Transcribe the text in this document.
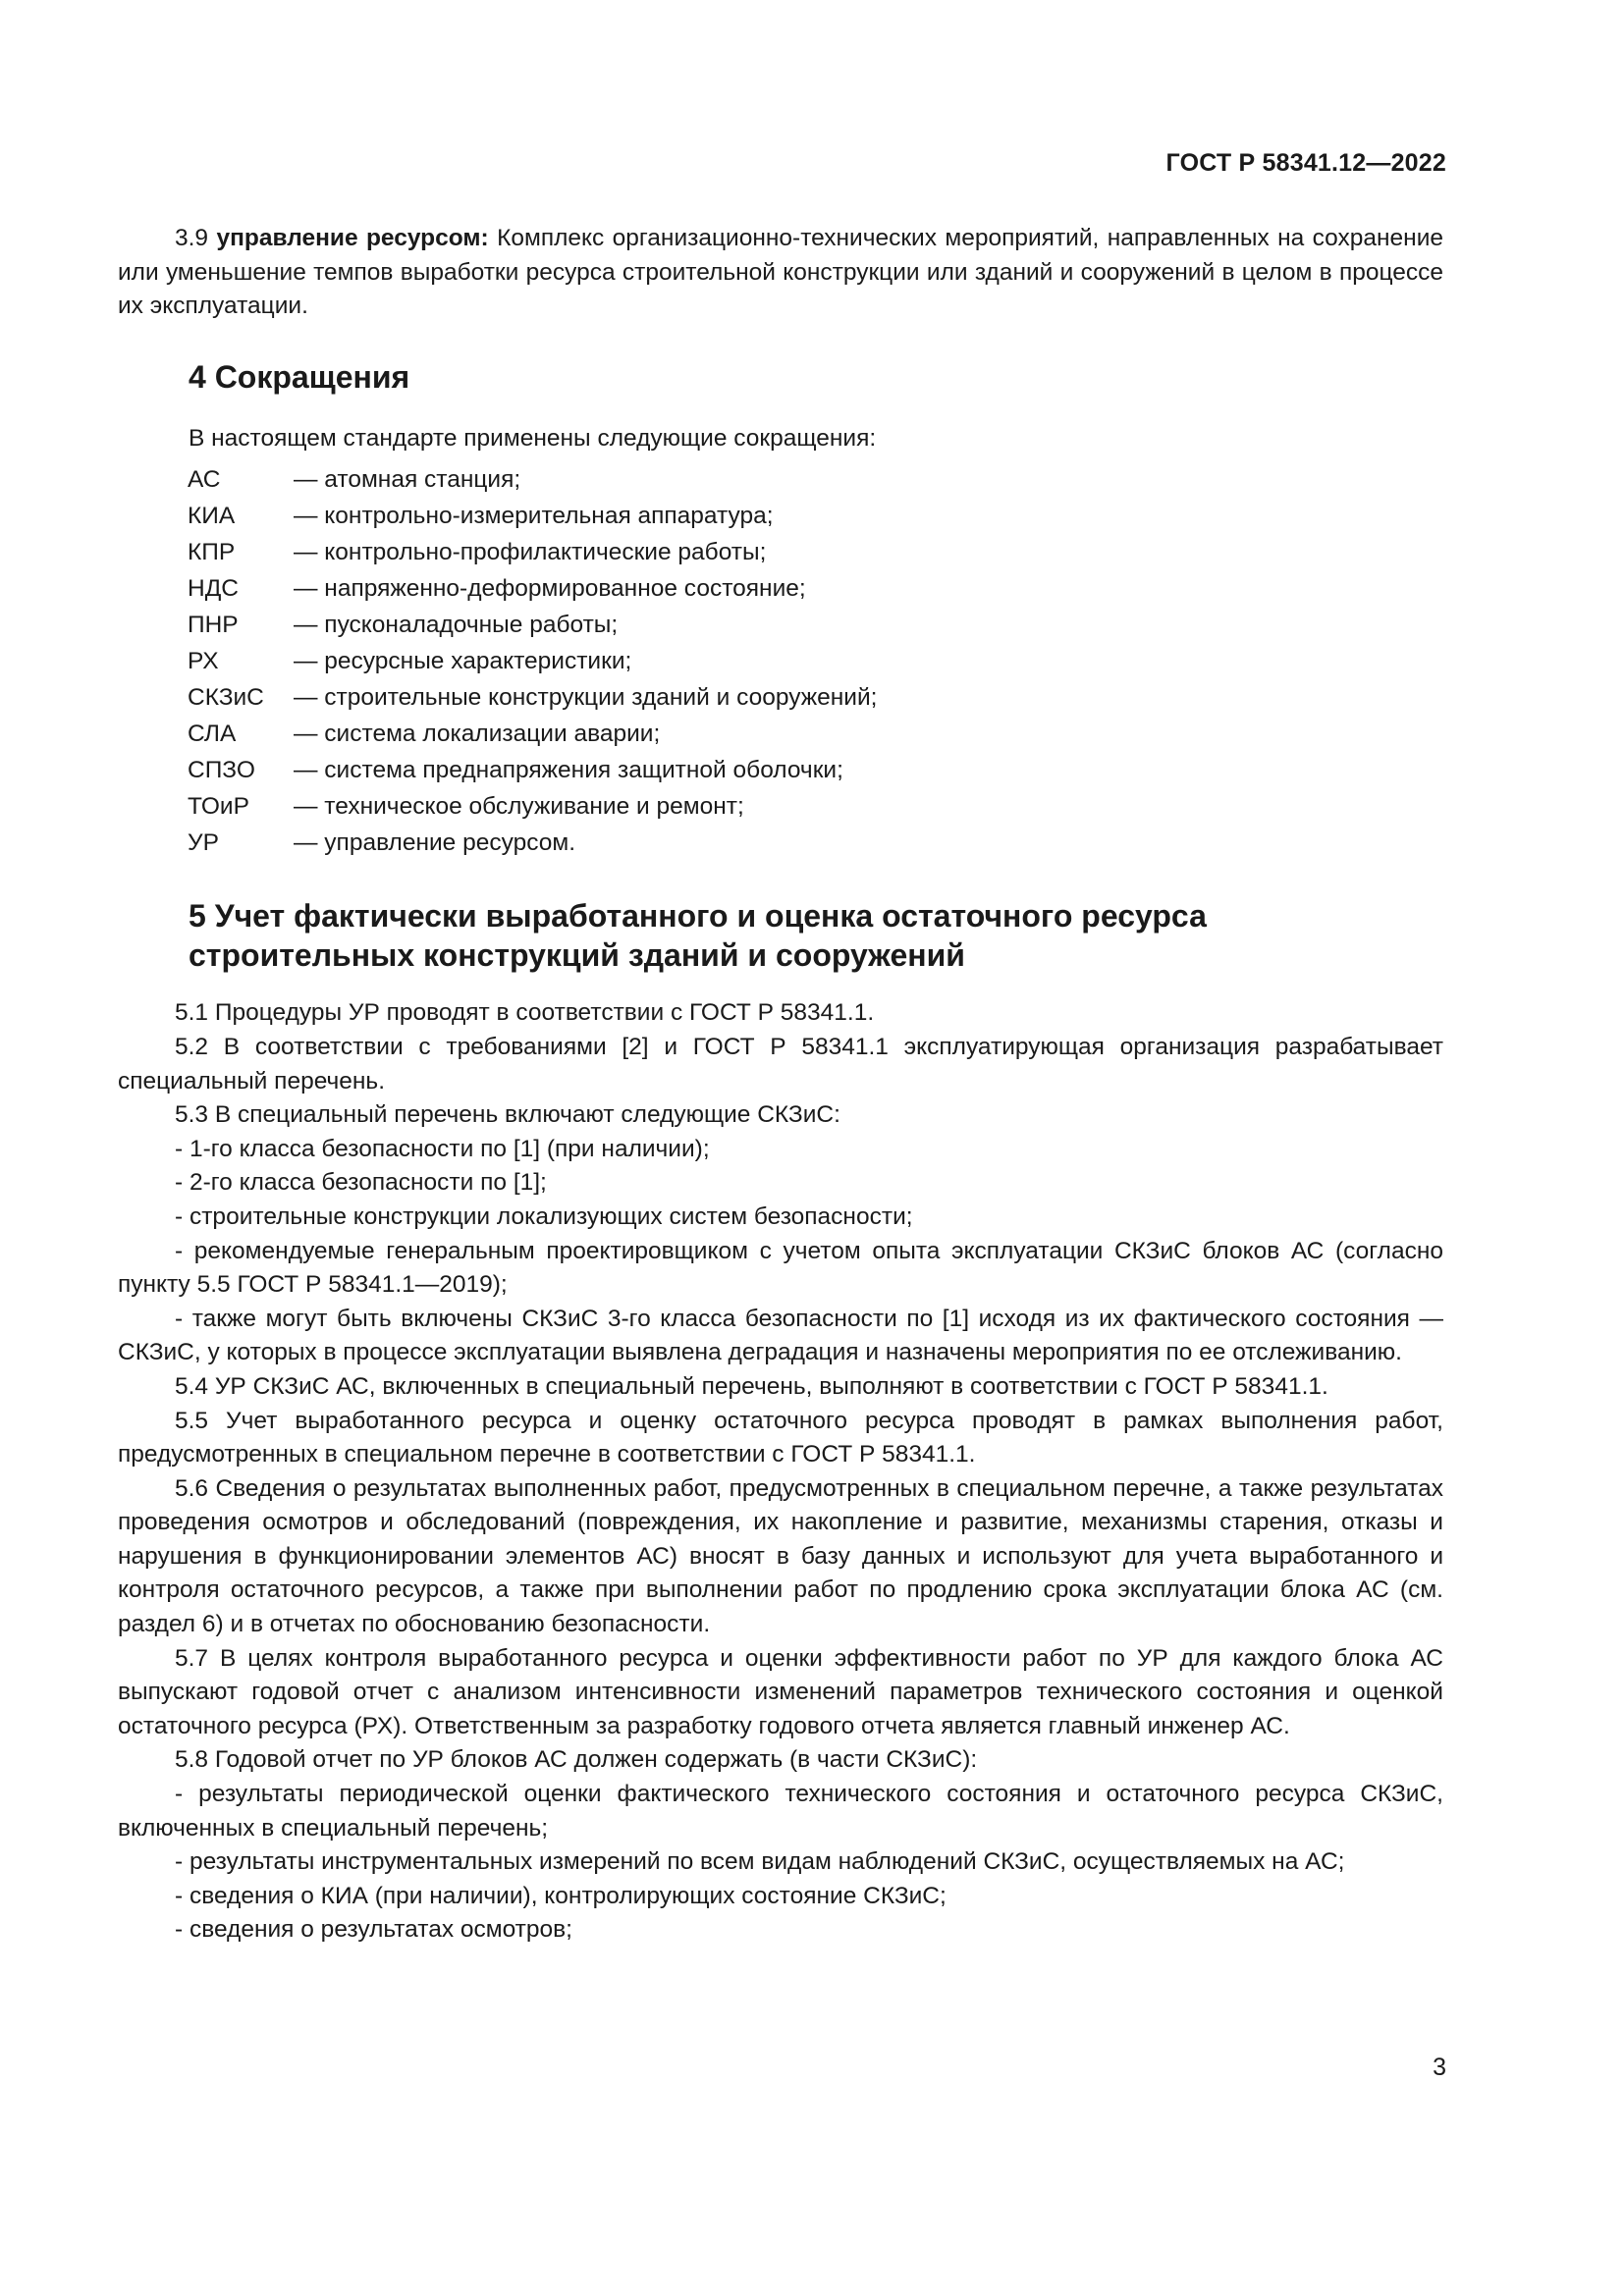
ГОСТ Р 58341.12—2022

3.9 управление ресурсом: Комплекс организационно-технических мероприятий, направленных на сохранение или уменьшение темпов выработки ресурса строительной конструкции или зданий и сооружений в целом в процессе их эксплуатации.

4 Сокращения
В настоящем стандарте применены следующие сокращения:
АС	— атомная станция;
КИА	— контрольно-измерительная аппаратура;
КПР	— контрольно-профилактические работы;
НДС	— напряженно-деформированное состояние;
ПНР	— пусконаладочные работы;
РХ	— ресурсные характеристики;
СКЗиС	— строительные конструкции зданий и сооружений;
СЛА	— система локализации аварии;
СПЗО	— система преднапряжения защитной оболочки;
ТОиР	— техническое обслуживание и ремонт;
УР	— управление ресурсом.
5 Учет фактически выработанного и оценка остаточного ресурса
строительных конструкций зданий и сооружений

5.1 Процедуры УР проводят в соответствии с ГОСТ Р 58341.1.

5.2 В соответствии с требованиями [2] и ГОСТ Р 58341.1 эксплуатирующая организация разрабатывает специальный перечень.

5.3 В специальный перечень включают следующие СКЗиС:

- 1-го класса безопасности по [1] (при наличии);

- 2-го класса безопасности по [1];

- строительные конструкции локализующих систем безопасности;

- рекомендуемые генеральным проектировщиком с учетом опыта эксплуатации СКЗиС блоков АС (согласно пункту 5.5 ГОСТ Р 58341.1—2019);

- также могут быть включены СКЗиС 3-го класса безопасности по [1] исходя из их фактического состояния — СКЗиС, у которых в процессе эксплуатации выявлена деградация и назначены мероприятия по ее отслеживанию.

5.4 УР СКЗиС АС, включенных в специальный перечень, выполняют в соответствии с ГОСТ Р 58341.1.

5.5 Учет выработанного ресурса и оценку остаточного ресурса проводят в рамках выполнения работ, предусмотренных в специальном перечне в соответствии с ГОСТ Р 58341.1.

5.6 Сведения о результатах выполненных работ, предусмотренных в специальном перечне, а также результатах проведения осмотров и обследований (повреждения, их накопление и развитие, механизмы старения, отказы и нарушения в функционировании элементов АС) вносят в базу данных и используют для учета выработанного и контроля остаточного ресурсов, а также при выполнении работ по продлению срока эксплуатации блока АС (см. раздел 6) и в отчетах по обоснованию безопасности.

5.7 В целях контроля выработанного ресурса и оценки эффективности работ по УР для каждого блока АС выпускают годовой отчет с анализом интенсивности изменений параметров технического состояния и оценкой остаточного ресурса (РХ). Ответственным за разработку годового отчета является главный инженер АС.

5.8 Годовой отчет по УР блоков АС должен содержать (в части СКЗиС):

- результаты периодической оценки фактического технического состояния и остаточного ресурса СКЗиС, включенных в специальный перечень;

- результаты инструментальных измерений по всем видам наблюдений СКЗиС, осуществляемых на АС;

- сведения о КИА (при наличии), контролирующих состояние СКЗиС;

- сведения о результатах осмотров;

3
